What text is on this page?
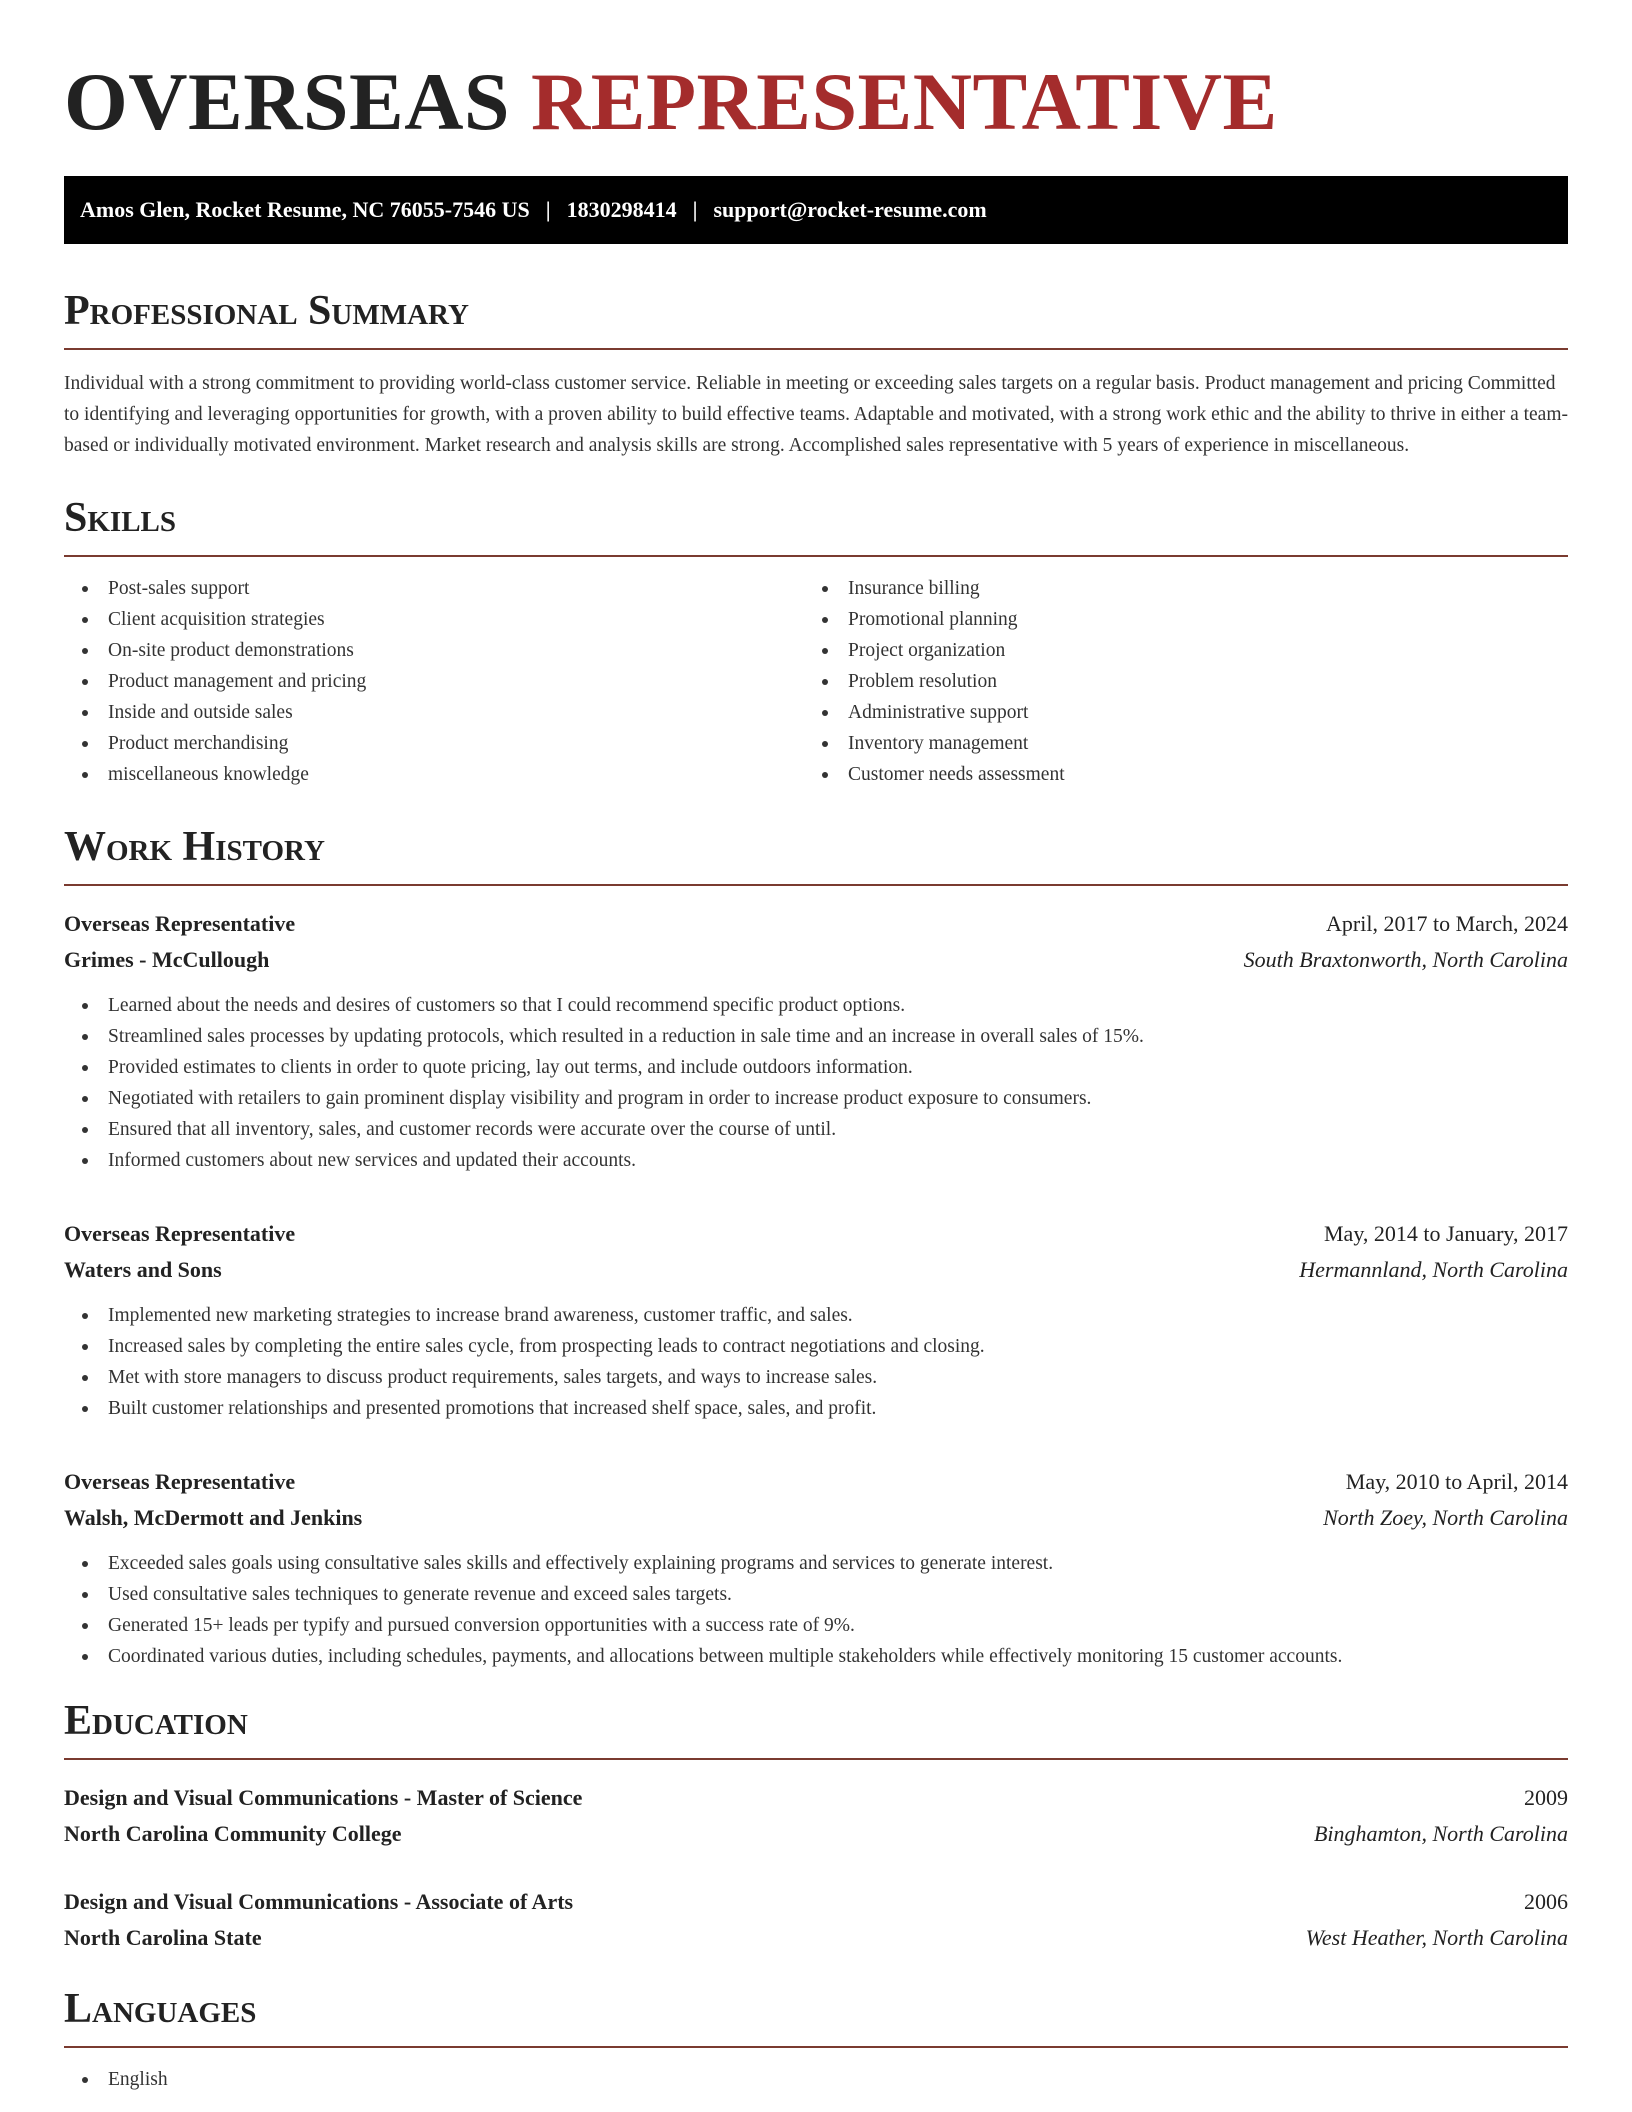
OVERSEAS REPRESENTATIVE
Amos Glen, Rocket Resume, NC 76055-7546 US | 1830298414 | support@rocket-resume.com
Professional Summary

Individual with a strong commitment to providing world-class customer service. Reliable in meeting or exceeding sales targets on a regular basis. Product management and pricing Committed to identifying and leveraging opportunities for growth, with a proven ability to build effective teams. Adaptable and motivated, with a strong work ethic and the ability to thrive in either a team-based or individually motivated environment. Market research and analysis skills are strong. Accomplished sales representative with 5 years of experience in miscellaneous.

Skills
Post-sales support
Client acquisition strategies
On-site product demonstrations
Product management and pricing
Inside and outside sales
Product merchandising
miscellaneous knowledge
Insurance billing
Promotional planning
Project organization
Problem resolution
Administrative support
Inventory management
Customer needs assessment
Work History
Overseas Representative	April, 2017 to March, 2024
Grimes - McCullough	South Braxtonworth, North Carolina
Learned about the needs and desires of customers so that I could recommend specific product options.
Streamlined sales processes by updating protocols, which resulted in a reduction in sale time and an increase in overall sales of 15%.
Provided estimates to clients in order to quote pricing, lay out terms, and include outdoors information.
Negotiated with retailers to gain prominent display visibility and program in order to increase product exposure to consumers.
Ensured that all inventory, sales, and customer records were accurate over the course of until.
Informed customers about new services and updated their accounts.
Overseas Representative	May, 2014 to January, 2017
Waters and Sons	Hermannland, North Carolina
Implemented new marketing strategies to increase brand awareness, customer traffic, and sales.
Increased sales by completing the entire sales cycle, from prospecting leads to contract negotiations and closing.
Met with store managers to discuss product requirements, sales targets, and ways to increase sales.
Built customer relationships and presented promotions that increased shelf space, sales, and profit.
Overseas Representative	May, 2010 to April, 2014
Walsh, McDermott and Jenkins	North Zoey, North Carolina
Exceeded sales goals using consultative sales skills and effectively explaining programs and services to generate interest.
Used consultative sales techniques to generate revenue and exceed sales targets.
Generated 15+ leads per typify and pursued conversion opportunities with a success rate of 9%.
Coordinated various duties, including schedules, payments, and allocations between multiple stakeholders while effectively monitoring 15 customer accounts.
Education
Design and Visual Communications - Master of Science	2009
North Carolina Community College	Binghamton, North Carolina
Design and Visual Communications - Associate of Arts	2006
North Carolina State	West Heather, North Carolina
Languages
English
